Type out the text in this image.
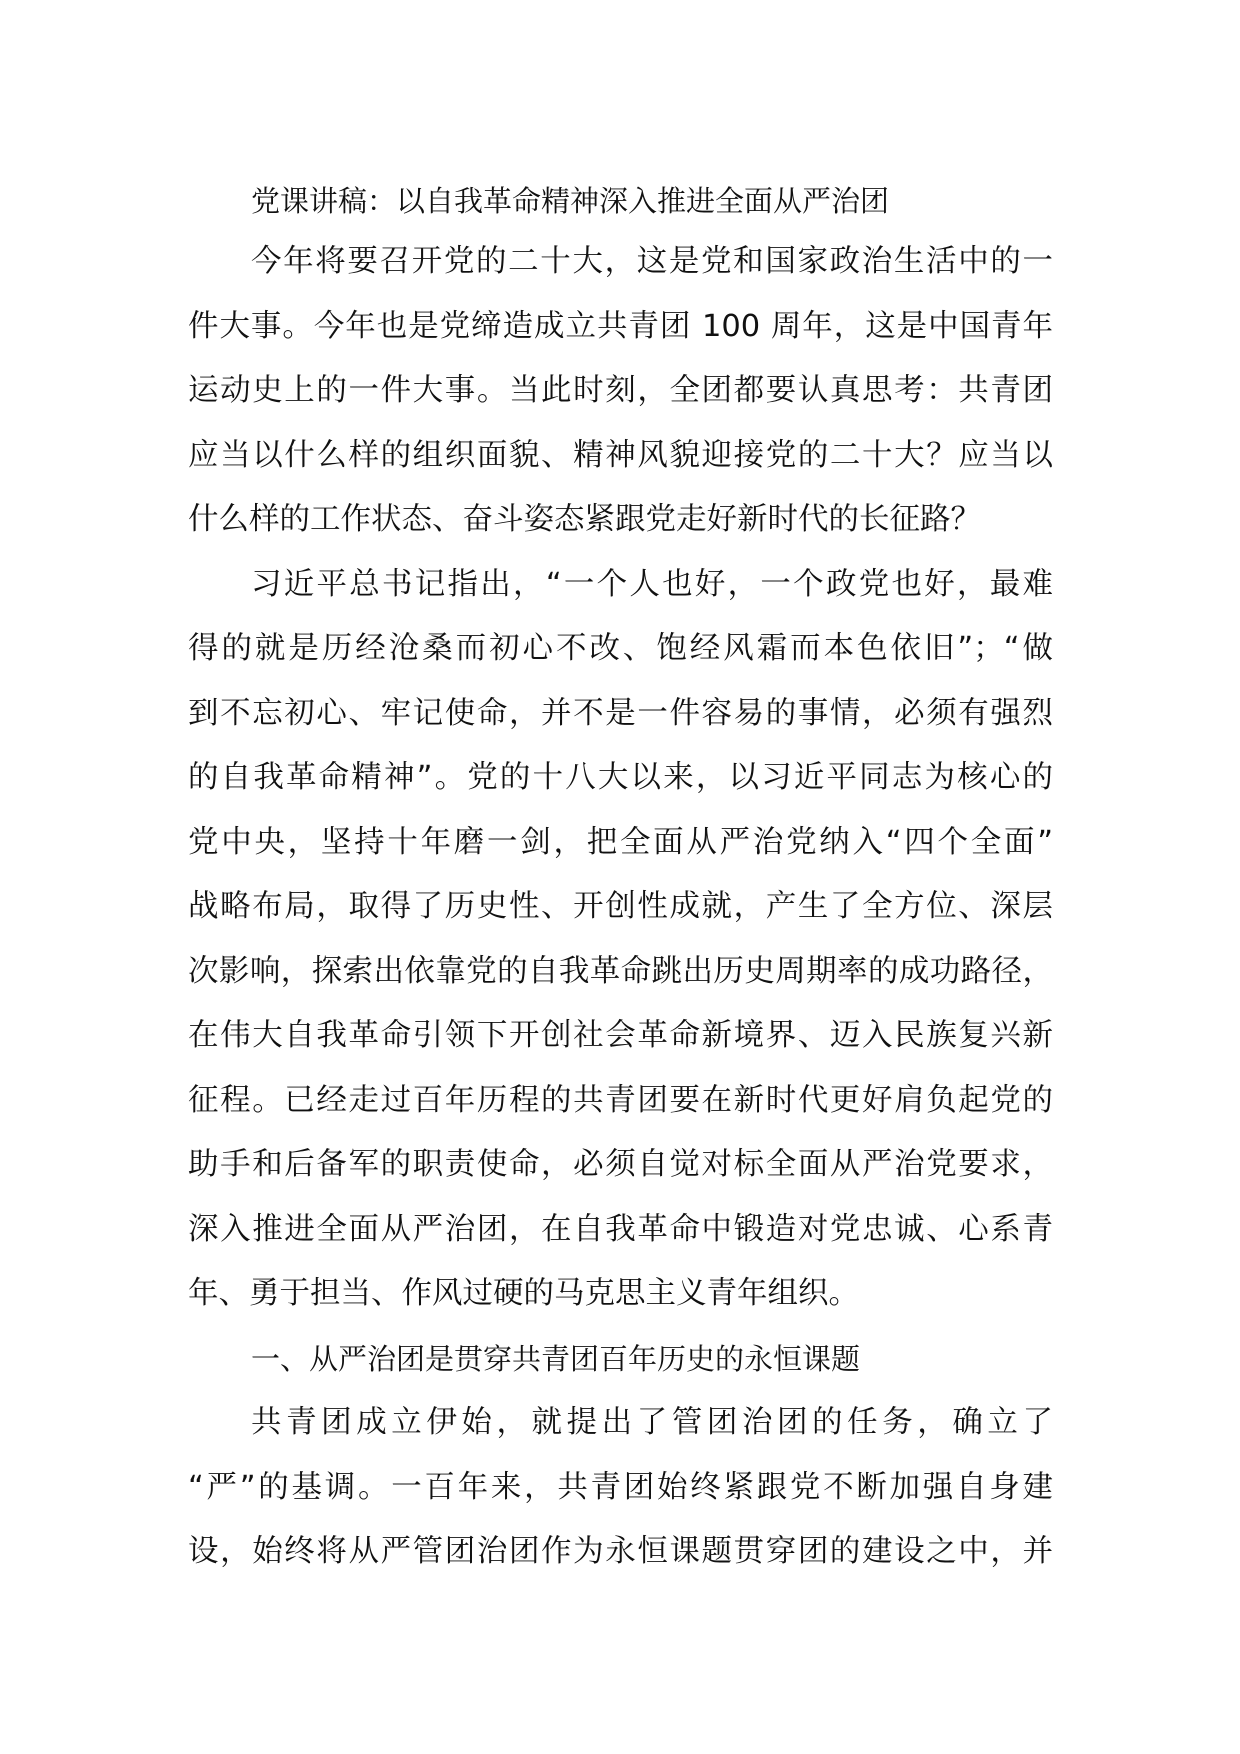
党课讲稿：以自我革命精神深入推进全面从严治团
今年将要召开党的二十大，这是党和国家政治生活中的一
件大事。今年也是党缔造成立共青团 100 周年，这是中国青年
运动史上的一件大事。当此时刻，全团都要认真思考：共青团
应当以什么样的组织面貌、精神风貌迎接党的二十大？应当以
什么样的工作状态、奋斗姿态紧跟党走好新时代的长征路？
习近平总书记指出，“一个人也好，一个政党也好，最难
得的就是历经沧桑而初心不改、饱经风霜而本色依旧”；“做
到不忘初心、牢记使命，并不是一件容易的事情，必须有强烈
的自我革命精神”。党的十八大以来，以习近平同志为核心的
党中央，坚持十年磨一剑，把全面从严治党纳入“四个全面”
战略布局，取得了历史性、开创性成就，产生了全方位、深层
次影响，探索出依靠党的自我革命跳出历史周期率的成功路径，
在伟大自我革命引领下开创社会革命新境界、迈入民族复兴新
征程。已经走过百年历程的共青团要在新时代更好肩负起党的
助手和后备军的职责使命，必须自觉对标全面从严治党要求，
深入推进全面从严治团，在自我革命中锻造对党忠诚、心系青
年、勇于担当、作风过硬的马克思主义青年组织。
一、从严治团是贯穿共青团百年历史的永恒课题
共青团成立伊始，就提出了管团治团的任务，确立了
“严”的基调。一百年来，共青团始终紧跟党不断加强自身建
设，始终将从严管团治团作为永恒课题贯穿团的建设之中，并
